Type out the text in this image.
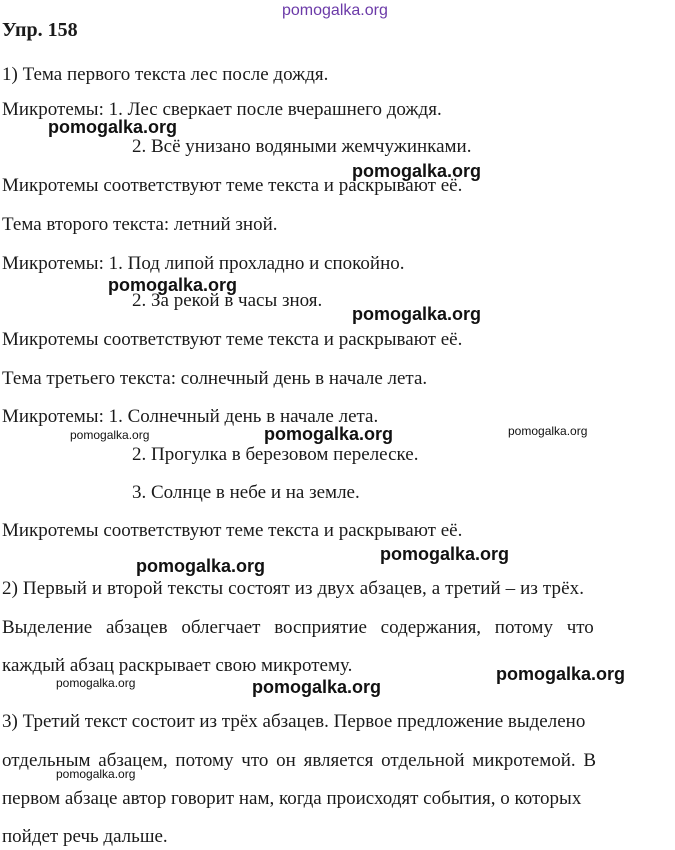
pomogalka.org
pomogalka.org
pomogalka.org
pomogalka.org
pomogalka.org
pomogalka.org	pomogalka.org	pomogalka.org
pomogalka.org
pomogalka.org
pomogalka.org	pomogalka.org
pomogalka.org
pomogalka.org
Упр. 158
1) Тема первого текста лес после дождя.
Микротемы: 1. Лес сверкает после вчерашнего дождя.
2. Всё унизано водяными жемчужинками.
Микротемы соответствуют теме текста и раскрывают её.
Тема второго текста: летний зной.
Микротемы: 1. Под липой прохладно и спокойно.
2. За рекой в часы зноя.
Микротемы соответствуют теме текста и раскрывают её.
Тема третьего текста: солнечный день в начале лета.
Микротемы: 1. Солнечный день в начале лета.
2. Прогулка в березовом перелеске.
3. Солнце в небе и на земле.
Микротемы соответствуют теме текста и раскрывают её.
2) Первый и второй тексты состоят из двух абзацев, а третий – из трёх.
Выделение абзацев облегчает восприятие содержания, потому что
каждый абзац раскрывает свою микротему.
3) Третий текст состоит из трёх абзацев. Первое предложение выделено
отдельным абзацем, потому что он является отдельной микротемой. В
первом абзаце автор говорит нам, когда происходят события, о которых
пойдет речь дальше.
